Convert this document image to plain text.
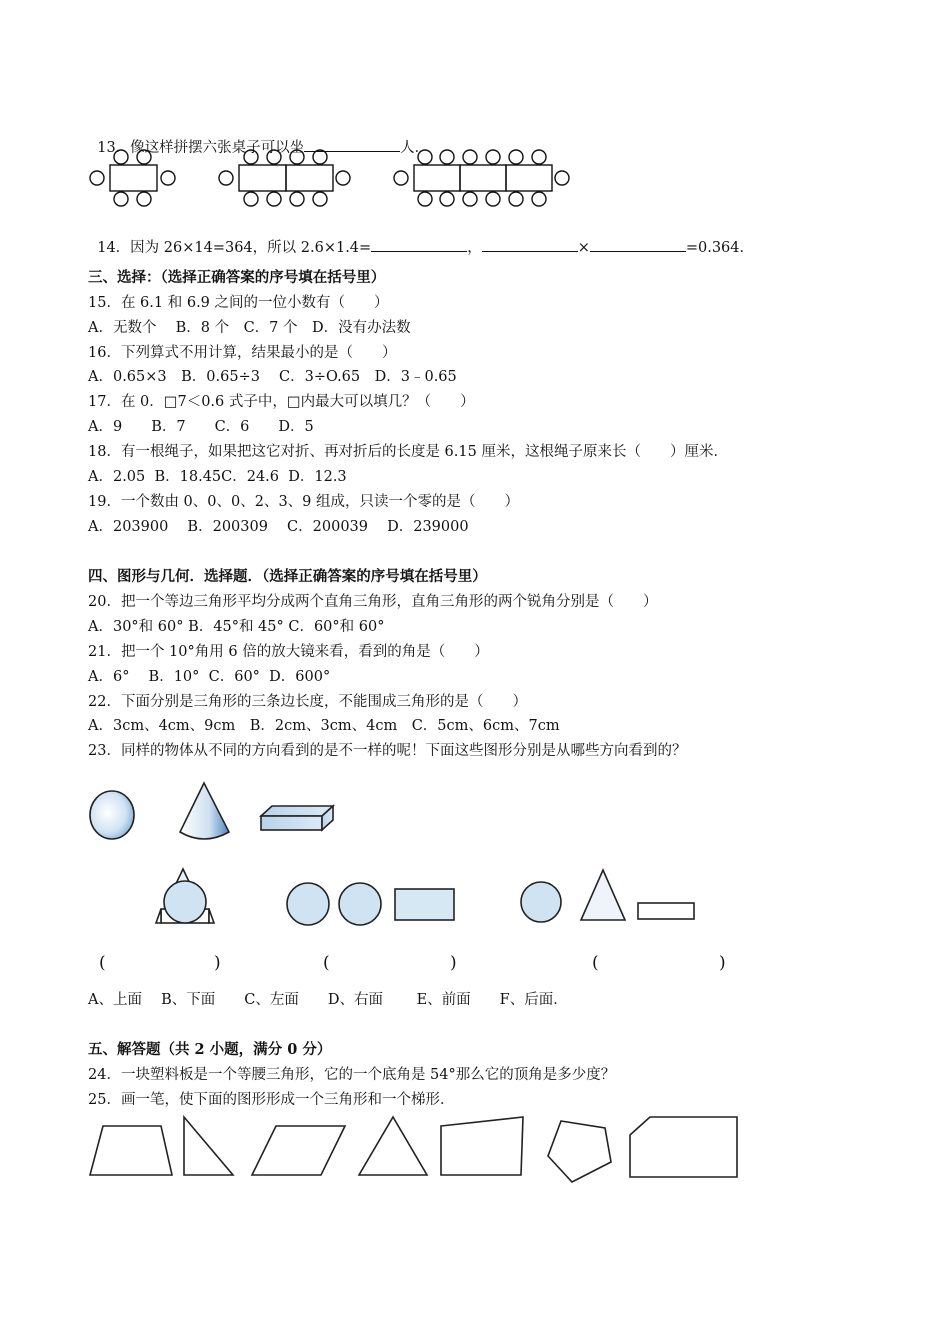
13．像这样拼摆六张桌子可以坐	人．

14．因为 26×14=364，所以 2.6×1.4=	，	×	=0.364．

三、选择：（选择正确答案的序号填在括号里）
15．在 6.1 和 6.9 之间的一位小数有（　　）
A．无数个　 B．8 个　C．7 个　D．没有办法数
16．下列算式不用计算，结果最小的是（　　）
A．0.65×3　B．0.65÷3　 C．3÷O.65　D．3﹣0.65
17．在 0．□7＜0.6 式子中，□内最大可以填几？（　　）
A．9　　B．7　　C．6　　D．5
18．有一根绳子，如果把这它对折、再对折后的长度是 6.15 厘米，这根绳子原来长（　　）厘米．
A．2.05  B．18.45C．24.6  D．12.3
19．一个数由 0、0、0、2、3、9 组成，只读一个零的是（　　）
A．203900　 B．200309　 C．200039　 D．239000
四、图形与几何．选择题．（选择正确答案的序号填在括号里）
20．把一个等边三角形平均分成两个直角三角形，直角三角形的两个锐角分别是（　　）
A．30°和 60° B．45°和 45° C．60°和 60°
21．把一个 10°角用 6 倍的放大镜来看，看到的角是（　　）
A．6°　 B．10°  C．60°  D．600°
22．下面分别是三角形的三条边长度，不能围成三角形的是（　　）
A．3cm、4cm、9cm　B．2cm、3cm、4cm　C．5cm、6cm、7cm
23．同样的物体从不同的方向看到的是不一样的呢！下面这些图形分别是从哪些方向看到的？
(	)	(	)	(	)
A、上面　 B、下面　　C、左面　　D、右面　　 E、前面　　F、后面．
五、解答题（共 2 小题，满分 0 分）
24．一块塑料板是一个等腰三角形，它的一个底角是 54°那么它的顶角是多少度？
25．画一笔，使下面的图形形成一个三角形和一个梯形．
